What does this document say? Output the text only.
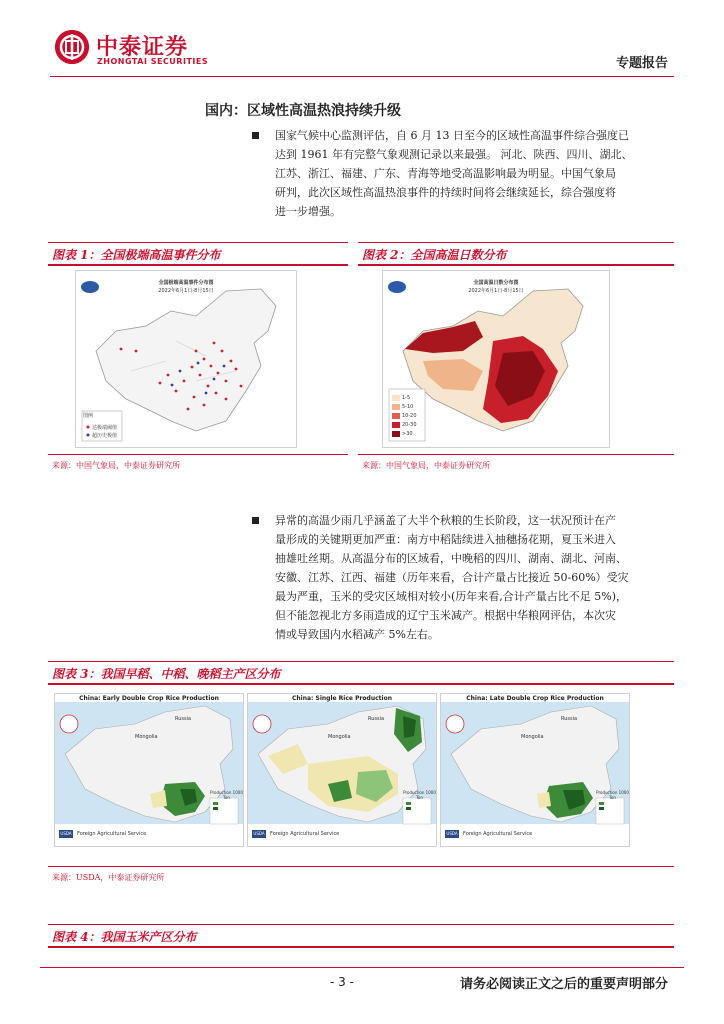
中泰证券
ZHONGTAI SECURITIES	专题报告
国内：区域性高温热浪持续升级
国家气候中心监测评估，自 6 月 13 日至今的区域性高温事件综合强度已
达到 1961 年有完整气象观测记录以来最强。 河北、陕西、四川、湖北、
江苏、浙江、福建、广东、青海等地受高温影响最为明显。中国气象局
研判，此次区域性高温热浪事件的持续时间将会继续延长，综合强度将
进一步增强。
图表 1：全国极端高温事件分布
全国极端高温事件分布图
2022年6月1日-8月15日
图例
达极端阈值
超历史极值
来源：中国气象局，中泰证券研究所
图表 2：全国高温日数分布
全国高温日数分布图
2022年6月1日-8月15日
1-5
5-10
10-20
20-30
>30
来源：中国气象局，中泰证券研究所
异常的高温少雨几乎涵盖了大半个秋粮的生长阶段，这一状况预计在产
量形成的关键期更加严重：南方中稻陆续进入抽穗扬花期，夏玉米进入
抽雄吐丝期。从高温分布的区域看，中晚稻的四川、湖南、湖北、河南、
安徽、江苏、江西、福建（历年来看，合计产量占比接近 50-60%）受灾
最为严重，玉米的受灾区域相对较小(历年来看,合计产量占比不足 5%)，
但不能忽视北方多雨造成的辽宁玉米减产。根据中华粮网评估，本次灾
情或导致国内水稻减产 5%左右。
图表 3：我国早稻、中稻、晚稻主产区分布
China: Early Double Crop Rice Production
Russia
Mongolia
Production 1000 Ton
USDA Foreign Agricultural Service
China: Single Rice Production
Russia
Mongolia
Production 1000 Ton
USDA Foreign Agricultural Service
China: Late Double Crop Rice Production
Russia
Mongolia
Production 1000 Ton
USDA Foreign Agricultural Service
来源：USDA，中泰证券研究所
图表 4：我国玉米产区分布
- 3 -	请务必阅读正文之后的重要声明部分
